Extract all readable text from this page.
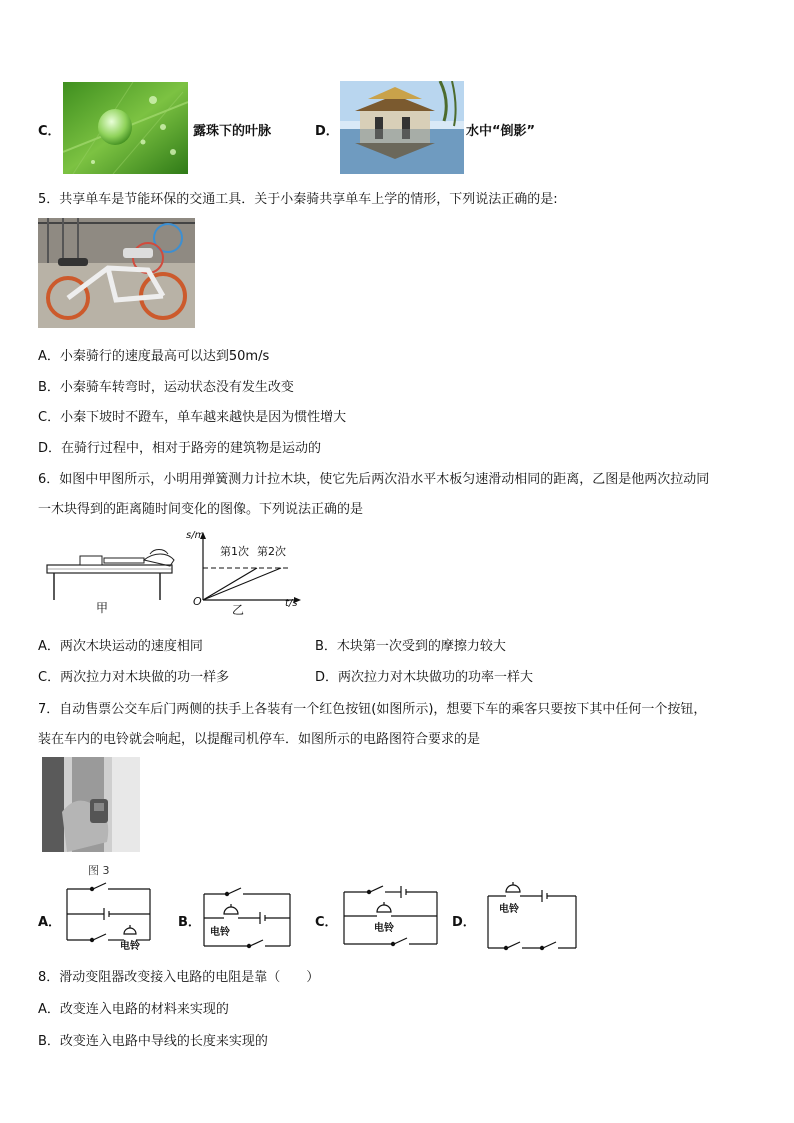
C．	露珠下的叶脉	D．	水中“倒影”
5．共享单车是节能环保的交通工具．关于小秦骑共享单车上学的情形，下列说法正确的是:
A．小秦骑行的速度最高可以达到50m/s
B．小秦骑车转弯时，运动状态没有发生改变
C．小秦下坡时不蹬车，单车越来越快是因为惯性增大
D．在骑行过程中，相对于路旁的建筑物是运动的
6．如图中甲图所示，小明用弹簧测力计拉木块，使它先后两次沿水平木板匀速滑动相同的距离，乙图是他两次拉动同
一木块得到的距离随时间变化的图像。下列说法正确的是
甲
s/m
t/s
O
第1次 第2次
乙
A．两次木块运动的速度相同	B．木块第一次受到的摩擦力较大
C．两次拉力对木块做的功一样多	D．两次拉力对木块做功的功率一样大
7．自动售票公交车后门两侧的扶手上各装有一个红色按钮(如图所示)，想要下车的乘客只要按下其中任何一个按钮，
装在车内的电铃就会响起，以提醒司机停车．如图所示的电路图符合要求的是
图 3
A．
电铃
B．
电铃
C．	电铃	D．
电铃
8．滑动变阻器改变接入电路的电阻是靠（　　）
A．改变连入电路的材料来实现的
B．改变连入电路中导线的长度来实现的
